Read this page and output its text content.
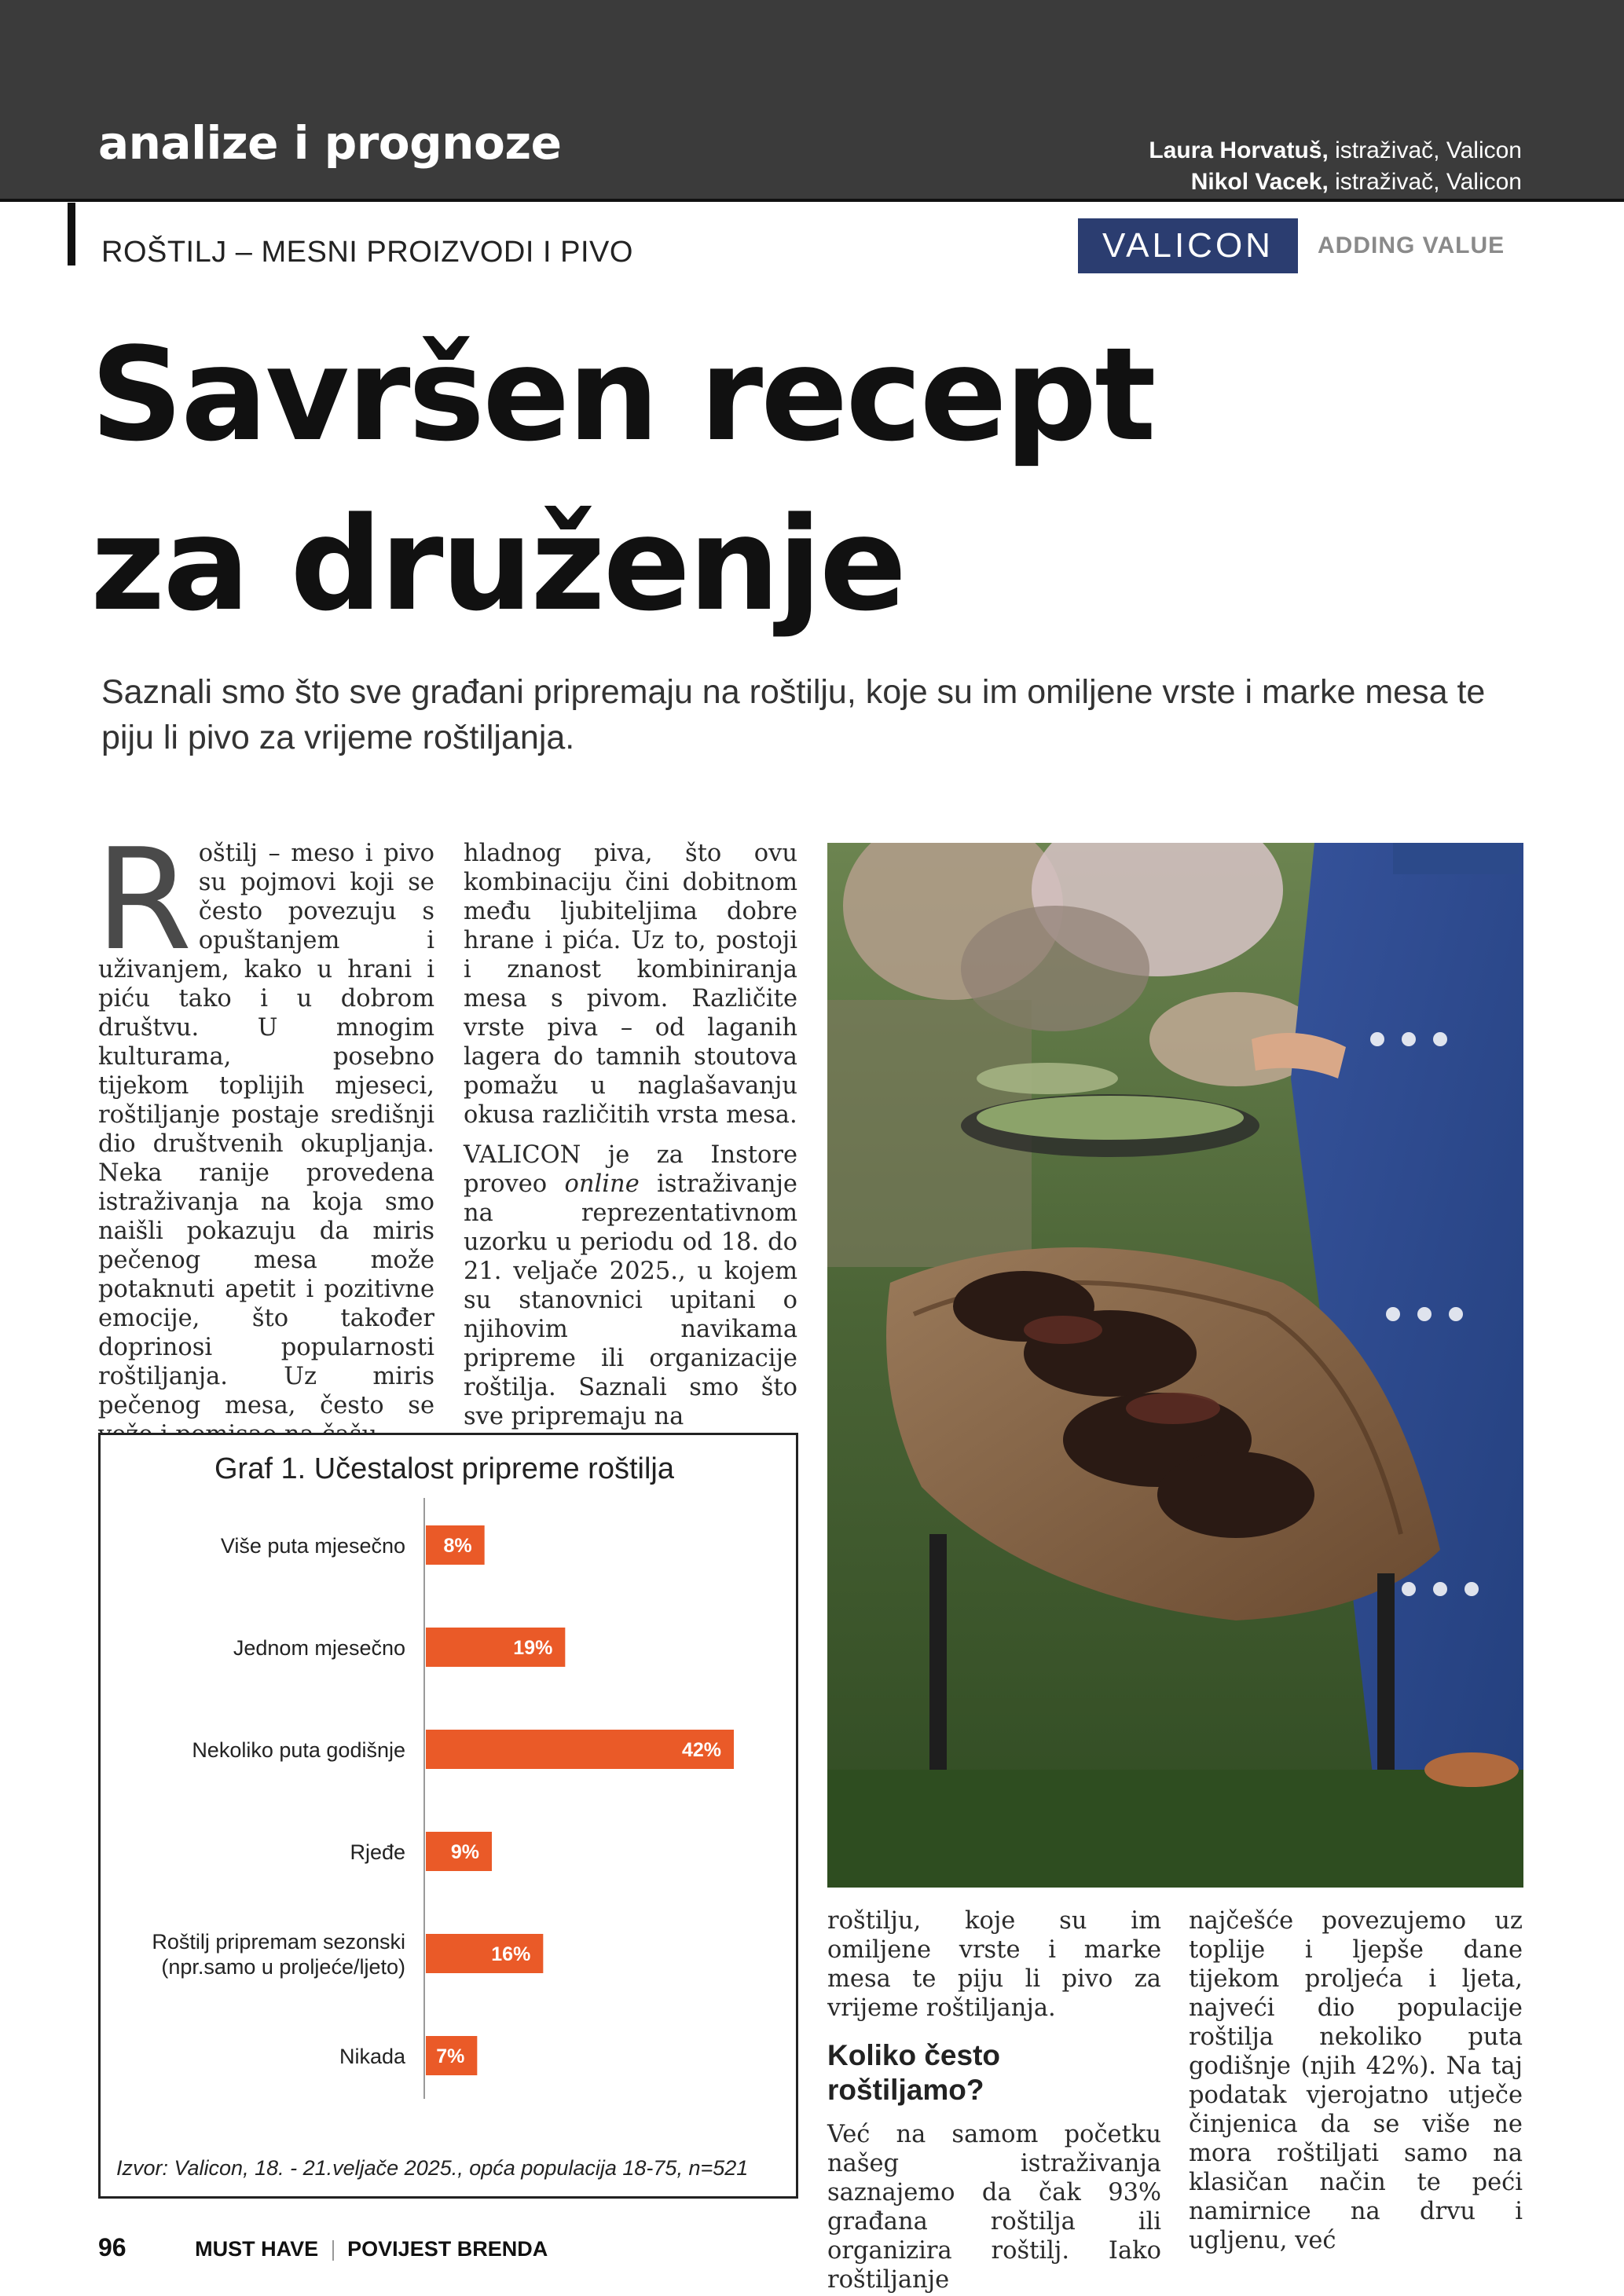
analize i prognoze	Laura Horvatuš, istraživač, Valicon
Nikol Vacek, istraživač, Valicon
ROŠTILJ – MESNI PROIZVODI I PIVO	VALICON	ADDING VALUE
Savršen recept
za druženje

Saznali smo što sve građani pripremaju na roštilju, koje su im omiljene vrste i marke mesa te piju li pivo za vrijeme roštiljanja.

Roštilj – meso i pivo su pojmovi koji se često povezuju s opuštanjem i uživanjem, kako u hrani i piću tako i u dobrom društvu. U mnogim kulturama, posebno tijekom toplijih mjeseci, roštiljanje postaje središnji dio društvenih okupljanja. Neka ranije provedena istraživanja na koja smo naišli pokazuju da miris pečenog mesa može potaknuti apetit i pozitivne emocije, što također doprinosi popularnosti roštiljanja. Uz miris pečenog mesa, često se

hladnog piva, što ovu kombinaciju čini dobitnom među ljubiteljima dobre hrane i pića. Uz to, postoji i znanost kombiniranja mesa s pivom. Različite vrste piva – od laganih lagera do tamnih stoutova pomažu u naglašavanju okusa različitih vrsta mesa.

VALICON je za Instore proveo online istraživanje na reprezentativnom uzorku u periodu od 18. do 21. veljače 2025., u kojem su stanovnici upitani o njihovim navikama pripreme ili organizacije roštilja. Saznali smo što sve pripremaju na

Graf 1. Učestalost pripreme roštilja
8%
Više puta mjesečno
19%
Jednom mjesečno
42%
Nekoliko puta godišnje
9%
Rjeđe
16%
Roštilj pripremam sezonski (npr.samo u proljeće/ljeto)
7%
Nikada
Izvor: Valicon, 18. - 21.veljače 2025., opća populacija 18-75, n=521

roštilju, koje su im omiljene vrste i marke mesa te piju li pivo za vrijeme roštiljanja.

Koliko često roštiljamo?

Već na samom početku našeg istraživanja saznajemo da čak 93% građana roštilja ili organizira roštilj. Iako roštiljanje

najčešće povezujemo uz toplije i ljepše dane tijekom proljeća i ljeta, najveći dio populacije roštilja nekoliko puta godišnje (njih 42%). Na taj podatak vjerojatno utječe činjenica da se više ne mora roštiljati samo na klasičan način te peći namirnice na drvu i ugljenu, već

96	MUST HAVE POVIJEST BRENDA
